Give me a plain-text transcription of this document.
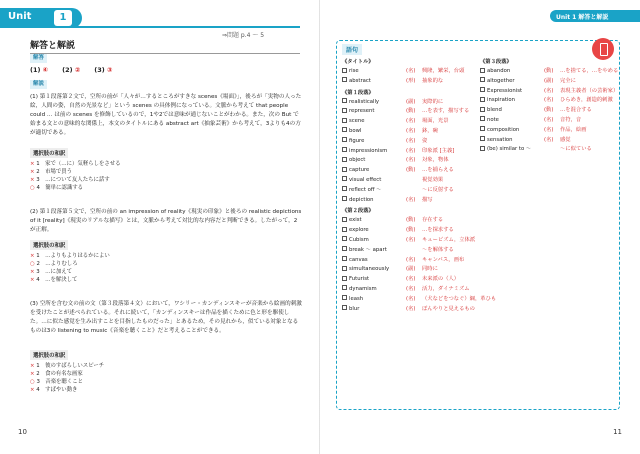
Unit	1
⇒問題 p.4 ～ 5
解答と解説
解答
(1) ④ (2) ② (3) ③
解説
(1) 第１段落第２文で，空所の前が「人々が…するところがすきな scenes《場面》」，後ろが「実物の人った絵，人間の姿，自然の光景など」という scenes の具体例になっている。文脈から考えて that people could … は前の scenes を修飾しているので，1や2では意味が通じないことがわかる。また，次の But で始まる文との意味的な関係上，本文のタイトルにある abstract art《抽象芸術》から考えて，3よりも4の方が適切である。
選択肢の和訳
× 1　家で（…に）気軽らしをさせる
× 2　市場で買う
× 3　…について友人たちに話す
○ 4　簡単に認識する
(2) 第１段落第５文で，空所の前の an impression of reality《現実の印象》と後ろの realistic depictions of it [reality]《現実のリアルな描写》とは，文脈から考えて対比的な内容だと判断できる。したがって，2が正解。
選択肢の和訳
× 1　…よりもよりはるかによい
○ 2　…よりむしろ
× 3　…に加えて
× 4　…を解決して
(3) 空所を含む文の前の文（第３段落第４文）において，ワシリー・カンディンスキーが音楽から絵画的刺激を受けたことが述べられている。それに続いて，「カンディンスキーは作品を描くために色と形を駆使した。…に似た感覚を生み出すことを目指したものだった」とあるため，その見れから，似ている対象となるものは3の listening to music《音楽を聴くこと》だと考えることができる。
選択肢の和訳
× 1　彼のすばらしいスピーチ
× 2　食の有名な画家
○ 3　音楽を聴くこと
× 4　すばやい動き
10
Unit 1 解答と解説
語句
《タイトル》
rise	(名) 興隆，繁栄，台頭
abstract	(形) 抽象的な
《第１段落》
realistically	(副) 実際的に
represent	(動) …を表す，描写する
scene	(名) 場面，光景
bowl	(名) 鉢，碗
figure	(名) 姿
impressionism	(名) 印象派 [主義]
object	(名) 対象，物体
capture	(動) …を捕らえる
visual effect	視覚効果
reflect off ～	～に反射する
depiction	(名) 描写
《第２段落》
exist	(動) 存在する
explore	(動) …を探求する
Cubism	(名) キュービズム，立体派
break ～ apart	～を解体する
canvas	(名) キャンバス，画布
simultaneously	(副) 同時に
Futurist	(名) 未来派の（人）
dynamism	(名) 活力，ダイナミズム
leash	(名) （犬などをつなぐ）綱，革ひも
blur	(名) ぼんやりと見えるもの
《第３段落》
abandon	(動) …を捨てる，…をやめる
altogether	(副) 完全に
Expressionist	(名) 表現主義者（の芸術家）
inspiration	(名) ひらめき，創造的刺激
blend	(動) …を混合する
note	(名) 音符，音
composition	(名) 作品，絵画
sensation	(名) 感覚
(be) similar to ～	～に似ている
11
